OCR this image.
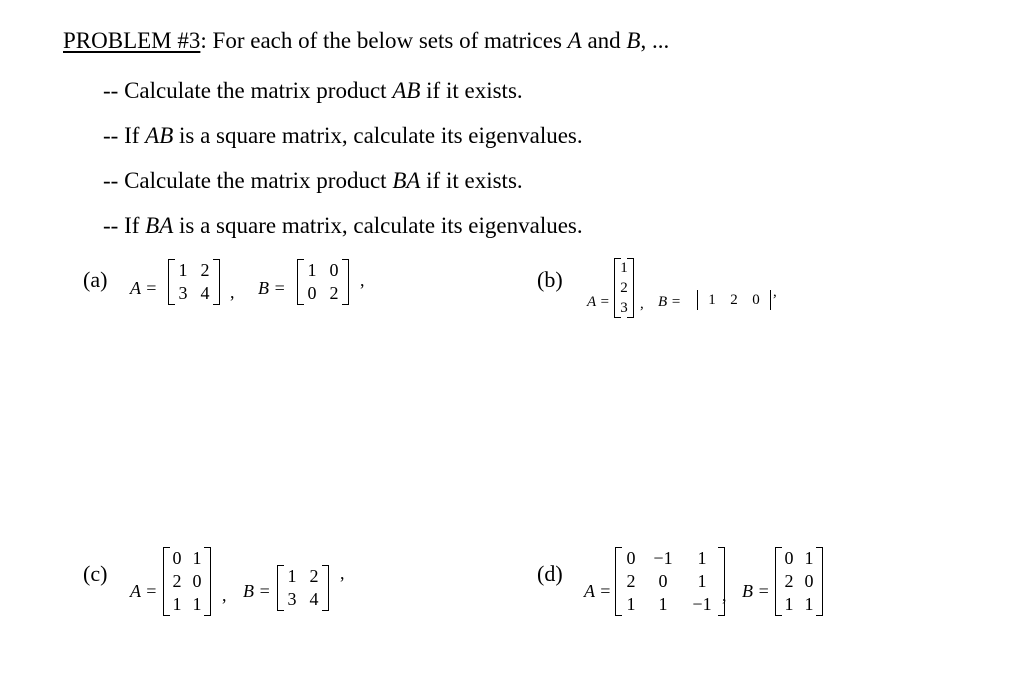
PROBLEM #3: For each of the below sets of matrices A and B, ...
-- Calculate the matrix product AB if it exists.
-- If AB is a square matrix, calculate its eigenvalues.
-- Calculate the matrix product BA if it exists.
-- If BA is a square matrix, calculate its eigenvalues.
(a) A =
1 2
3 4	, B =
1 0
0 2
,	(b)
A =
1
2
3 , B =	1 2 0 ,
(c)
A =
0 1
2 0
1 1	, B =
1 2
3 4
,	(d)
A =
0 −1	1
2	0	1
1	1	−1 , B =
0 1
2 0
1 1
